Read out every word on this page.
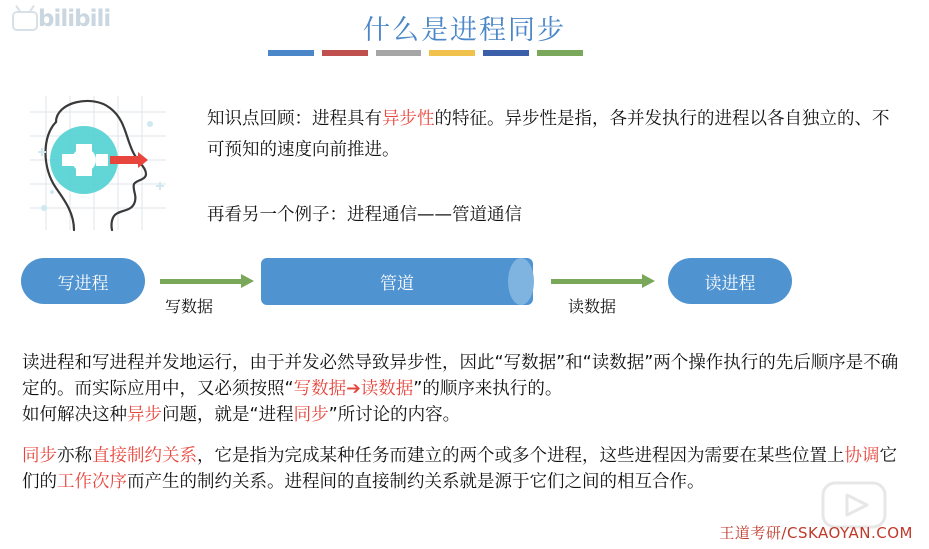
bilibili	什么是进程同步
知识点回顾：进程具有异步性的特征。异步性是指，各并发执行的进程以各自独立的、不可预知的速度向前推进。
再看另一个例子：进程通信——管道通信
写进程
写数据
管道
读数据
读进程
读进程和写进程并发地运行，由于并发必然导致异步性，因此“写数据”和“读数据”两个操作执行的先后顺序是不确定的。而实际应用中，又必须按照“写数据➔读数据”的顺序来执行的。
如何解决这种异步问题，就是“进程同步”所讨论的内容。
同步亦称直接制约关系，它是指为完成某种任务而建立的两个或多个进程，这些进程因为需要在某些位置上协调它们的工作次序而产生的制约关系。进程间的直接制约关系就是源于它们之间的相互合作。
王道考研/CSKAOYAN.COM
